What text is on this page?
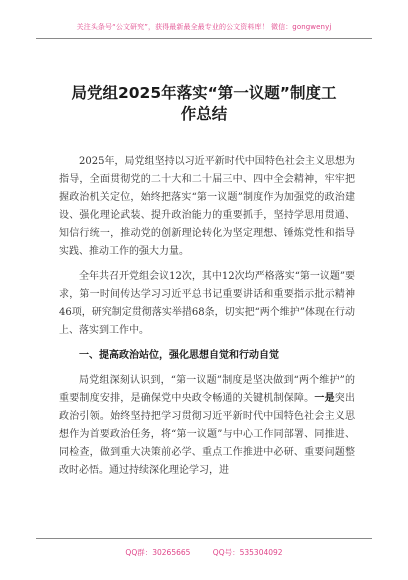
关注头条号“公文研究”，获得最新最全最专业的公文资料库！ 微信：gongwenyj
局党组2025年落实“第一议题”制度工
作总结

2025年，局党组坚持以习近平新时代中国特色社会主义思想为指导，全面贯彻党的二十大和二十届三中、四中全会精神，牢牢把握政治机关定位，始终把落实“第一议题”制度作为加强党的政治建设、强化理论武装、提升政治能力的重要抓手，坚持学思用贯通、知信行统一，推动党的创新理论转化为坚定理想、锤炼党性和指导实践、推动工作的强大力量。

全年共召开党组会议12次，其中12次均严格落实“第一议题”要求，第一时间传达学习习近平总书记重要讲话和重要指示批示精神46项，研究制定贯彻落实举措68条，切实把“两个维护”体现在行动上、落实到工作中。

一、提高政治站位，强化思想自觉和行动自觉

局党组深刻认识到，“第一议题”制度是坚决做到“两个维护”的重要制度安排，是确保党中央政令畅通的关键机制保障。一是突出政治引领。始终坚持把学习贯彻习近平新时代中国特色社会主义思想作为首要政治任务，将“第一议题”与中心工作同部署、同推进、同检查，做到重大决策前必学、重点工作推进中必研、重要问题整改时必悟。通过持续深化理论学习，进

QQ群：30265665	QQ号：535304092
